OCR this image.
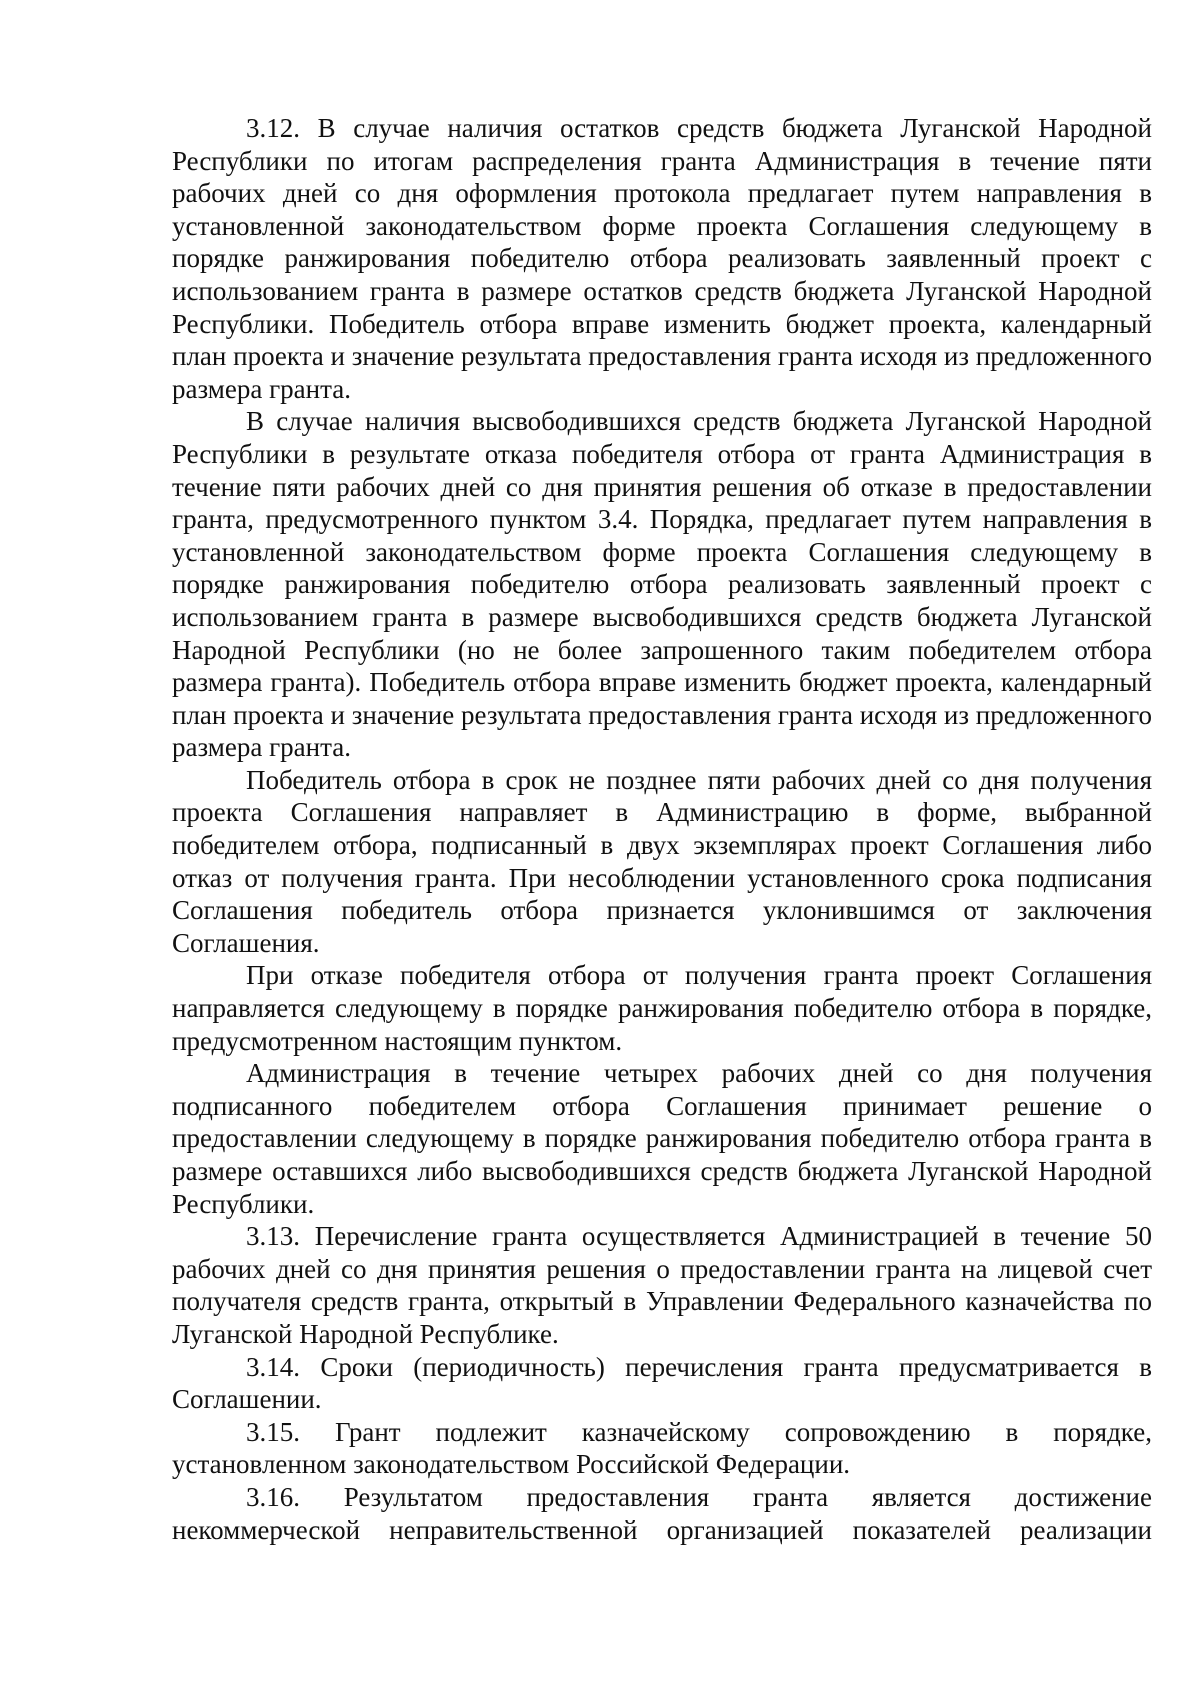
3.12. В случае наличия остатков средств бюджета Луганской Народной Республики по итогам распределения гранта Администрация в течение пяти рабочих дней со дня оформления протокола предлагает путем направления в установленной законодательством форме проекта Соглашения следующему в порядке ранжирования победителю отбора реализовать заявленный проект с использованием гранта в размере остатков средств бюджета Луганской Народной Республики. Победитель отбора вправе изменить бюджет проекта, календарный план проекта и значение результата предоставления гранта исходя из предложенного размера гранта.

В случае наличия высвободившихся средств бюджета Луганской Народной Республики в результате отказа победителя отбора от гранта Администрация в течение пяти рабочих дней со дня принятия решения об отказе в предоставлении гранта, предусмотренного пунктом 3.4. Порядка, предлагает путем направления в установленной законодательством форме проекта Соглашения следующему в порядке ранжирования победителю отбора реализовать заявленный проект с использованием гранта в размере высвободившихся средств бюджета Луганской Народной Республики (но не более запрошенного таким победителем отбора размера гранта). Победитель отбора вправе изменить бюджет проекта, календарный план проекта и значение результата предоставления гранта исходя из предложенного размера гранта.

Победитель отбора в срок не позднее пяти рабочих дней со дня получения проекта Соглашения направляет в Администрацию в форме, выбранной победителем отбора, подписанный в двух экземплярах проект Соглашения либо отказ от получения гранта. При несоблюдении установленного срока подписания Соглашения победитель отбора признается уклонившимся от заключения Соглашения.

При отказе победителя отбора от получения гранта проект Соглашения направляется следующему в порядке ранжирования победителю отбора в порядке, предусмотренном настоящим пунктом.

Администрация в течение четырех рабочих дней со дня получения подписанного победителем отбора Соглашения принимает решение о предоставлении следующему в порядке ранжирования победителю отбора гранта в размере оставшихся либо высвободившихся средств бюджета Луганской Народной Республики.

3.13. Перечисление гранта осуществляется Администрацией в течение 50 рабочих дней со дня принятия решения о предоставлении гранта на лицевой счет получателя средств гранта, открытый в Управлении Федерального казначейства по Луганской Народной Республике.

3.14. Сроки (периодичность) перечисления гранта предусматривается в Соглашении.

3.15. Грант подлежит казначейскому сопровождению в порядке, установленном законодательством Российской Федерации.

3.16. Результатом предоставления гранта является достижение некоммерческой неправительственной организацией показателей реализации
